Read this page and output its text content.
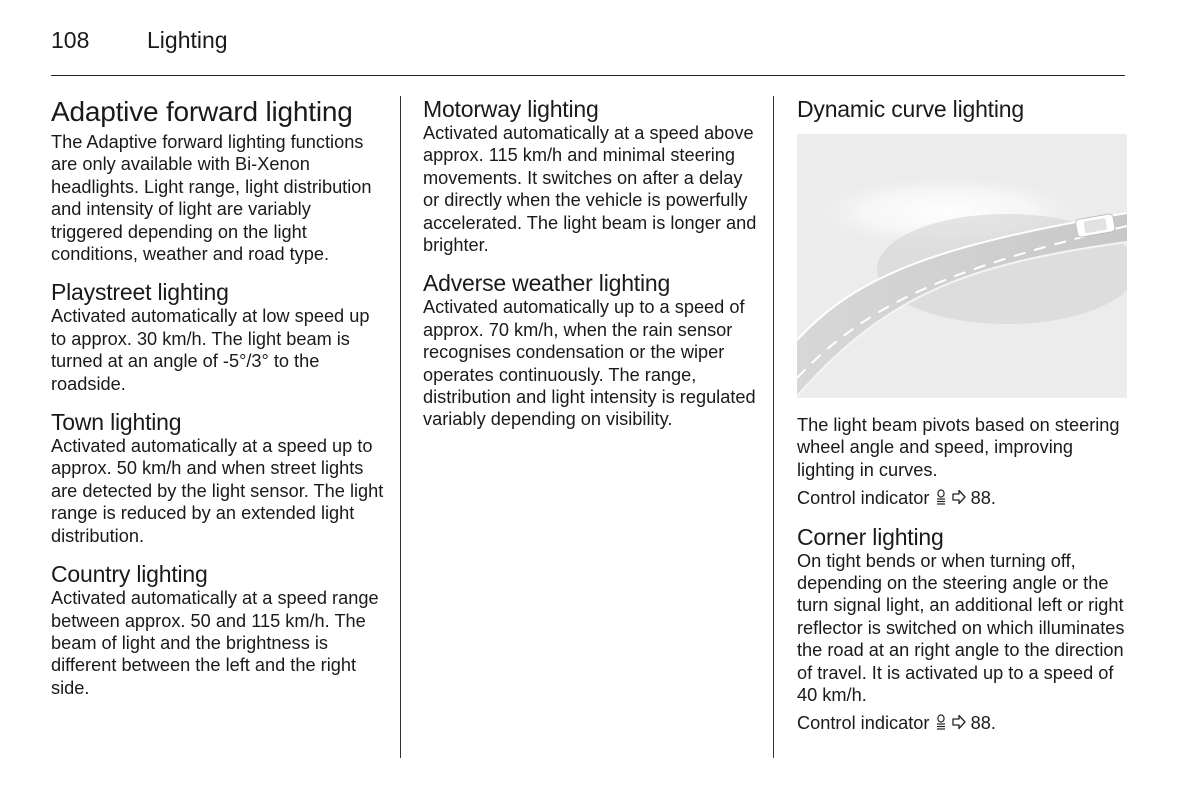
108	Lighting
Adaptive forward lighting

The Adaptive forward lighting functions are only available with Bi-Xenon headlights. Light range, light distribution and intensity of light are variably triggered depending on the light conditions, weather and road type.

Playstreet lighting

Activated automatically at low speed up to approx. 30 km/h. The light beam is turned at an angle of -5°/3° to the roadside.

Town lighting

Activated automatically at a speed up to approx. 50 km/h and when street lights are detected by the light sensor. The light range is reduced by an extended light distribution.

Country lighting

Activated automatically at a speed range between approx. 50 and 115 km/h. The beam of light and the brightness is different between the left and the right side.

Motorway lighting

Activated automatically at a speed above approx. 115 km/h and minimal steering movements. It switches on after a delay or directly when the vehicle is powerfully accelerated. The light beam is longer and brighter.

Adverse weather lighting

Activated automatically up to a speed of approx. 70 km/h, when the rain sensor recognises condensation or the wiper operates continuously. The range, distribution and light intensity is regulated variably depending on visibility.

Dynamic curve lighting

The light beam pivots based on steering wheel angle and speed, improving lighting in curves.

Control indicator 88.

Corner lighting

On tight bends or when turning off, depending on the steering angle or the turn signal light, an additional left or right reflector is switched on which illuminates the road at an right angle to the direction of travel. It is activated up to a speed of 40 km/h.

Control indicator 88.
